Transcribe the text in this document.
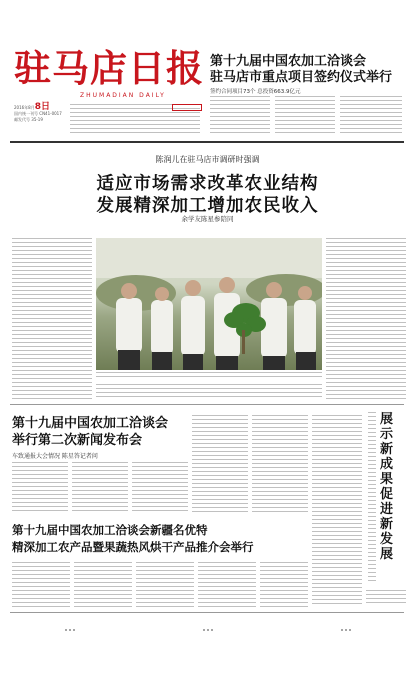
驻马店日报
ZHUMADIAN DAILY
2016年8月8日
国内统一刊号 CN41-0017
邮发代号 35-19
第十九届中国农加工洽谈会
驻马店市重点项目签约仪式举行
签约合同项目73个 总投资663.9亿元
陈润儿在驻马店市调研时强调
适应市场需求改革农业结构
发展精深加工增加农民收入
余学友陈星参陪同
第十九届中国农加工洽谈会
举行第二次新闻发布会
车致通报大会情况 陈星答记者问
第十九届中国农加工洽谈会新疆名优特
精深加工农产品暨果蔬热风烘干产品推介会举行
展示新成果 促进新发展
